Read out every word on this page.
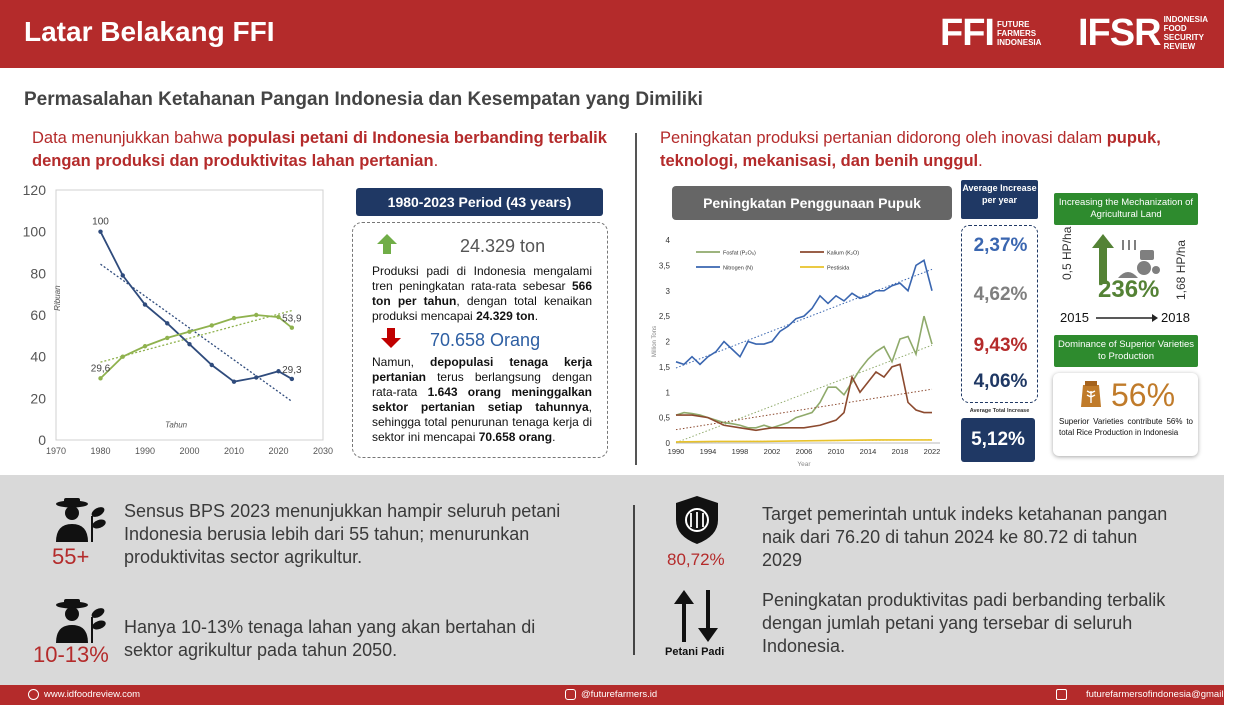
Latar Belakang FFI	FFI FUTURE FARMERS INDONESIA IFSR INDONESIA FOOD SECURITY REVIEW
Permasalahan Ketahanan Pangan Indonesia dan Kesempatan yang Dimiliki
Data menunjukkan bahwa populasi petani di Indonesia berbanding terbalik dengan produksi dan produktivitas lahan pertanian.
Peningkatan produksi pertanian didorong oleh inovasi dalam pupuk, teknologi, mekanisasi, dan benih unggul.
0
20
40
60
80
100
120
1970	1980	1990	2000	2010	2020	2030
Tahun
Ribuan
100
29,3
29,6
53,9
1980-2023 Period (43 years)
24.329 ton
Produksi padi di Indonesia mengalami tren peningkatan rata-rata sebesar 566 ton per tahun, dengan total kenaikan produksi mencapai 24.329 ton.
70.658 Orang
Namun, depopulasi tenaga kerja pertanian terus berlangsung dengan rata-rata 1.643 orang meninggalkan sektor pertanian setiap tahunnya, sehingga total penurunan tenaga kerja di sektor ini mencapai 70.658 orang.
Peningkatan Penggunaan Pupuk
0
0,5
1
1,5
2
2,5
3
3,5
4
1990 1994 1998 2002 2006 2010 2014 2018 2022
Year
Million Tons
Fosfat (P₂O₅)	Kalium (K₂O)
Nitrogen (N)	Pestisida
Average Increase per year
2,37%
4,62%
9,43%
4,06%
Average Total Increase
5,12%
Increasing the Mechanization of Agricultural Land
0,5 HP/ha	1,68 HP/ha
236%
2015	2018
Dominance of Superior Varieties to Production
56%
Superior Varieties contribute 56% to total Rice Production in Indonesia
55+
Sensus BPS 2023 menunjukkan hampir seluruh petani Indonesia berusia lebih dari 55 tahun; menurunkan produktivitas sector agrikultur.
10-13%
Hanya 10-13% tenaga lahan yang akan bertahan di sektor agrikultur pada tahun 2050.
80,72%
Target pemerintah untuk indeks ketahanan pangan naik dari 76.20 di tahun 2024 ke 80.72 di tahun 2029
Petani Padi
Peningkatan produktivitas padi berbanding terbalik dengan jumlah petani yang tersebar di seluruh Indonesia.
www.idfoodreview.com	@futurefarmers.id	futurefarmersofindonesia@gmail.com
